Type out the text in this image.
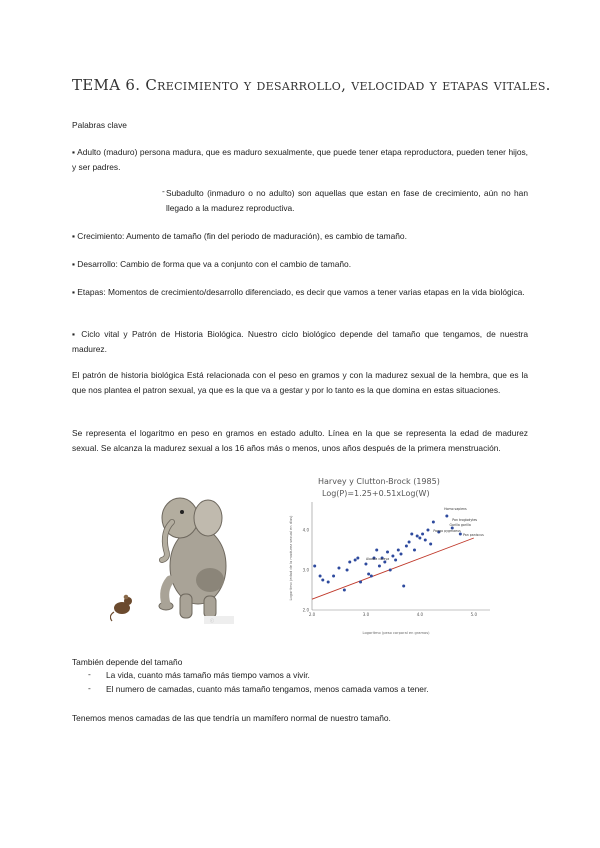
TEMA 6. Crecimiento y desarrollo, velocidad y etapas vitales.
Palabras clave
▪ Adulto (maduro) persona madura, que es maduro sexualmente, que puede tener etapa reproductora, pueden tener hijos, y ser padres.
- Subadulto (inmaduro o no adulto) son aquellas que estan en fase de crecimiento, aún no han llegado a la madurez reproductiva.
▪ Crecimiento: Aumento de tamaño (fin del periodo de maduración), es cambio de tamaño.
▪ Desarrollo: Cambio de forma que va a conjunto con el cambio de tamaño.
▪ Etapas: Momentos de crecimiento/desarrollo diferenciado, es decir que vamos a tener varias etapas en la vida biológica.
▪ Ciclo vital y Patrón de Historia Biológica. Nuestro ciclo biológico depende del tamaño que tengamos, de nuestra madurez.
El patrón de historia biológica Está relacionada con el peso en gramos y con la madurez sexual de la hembra, que es la que nos plantea el patron sexual, ya que es la que va a gestar y por lo tanto es la que domina en estas situaciones.
Se representa el logaritmo en peso en gramos en estado adulto. Línea en la que se representa la edad de madurez sexual. Se alcanza la madurez sexual a los 16 años más o menos, unos años después de la primera menstruación.
ⓒ
Harvey y Clutton-Brock (1985)
Log(P)=1.25+0.51xLog(W)
2.0	3.0	4.0	5.0
2.0
3.0
4.0
Homo sapiens
Pan troglodytes
Gorilla gorilla
Pongo pygmaeus
Pan paniscus
Aloatta caraya
Logaritmo (peso corporal en gramos)
Logaritmo (edad de la madurez sexual en días)
También depende del tamaño
- La vida, cuanto más tamaño más tiempo vamos a vivir.
- El numero de camadas, cuanto más tamaño tengamos, menos camada vamos a tener.
Tenemos menos camadas de las que tendría un mamífero normal de nuestro tamaño.
